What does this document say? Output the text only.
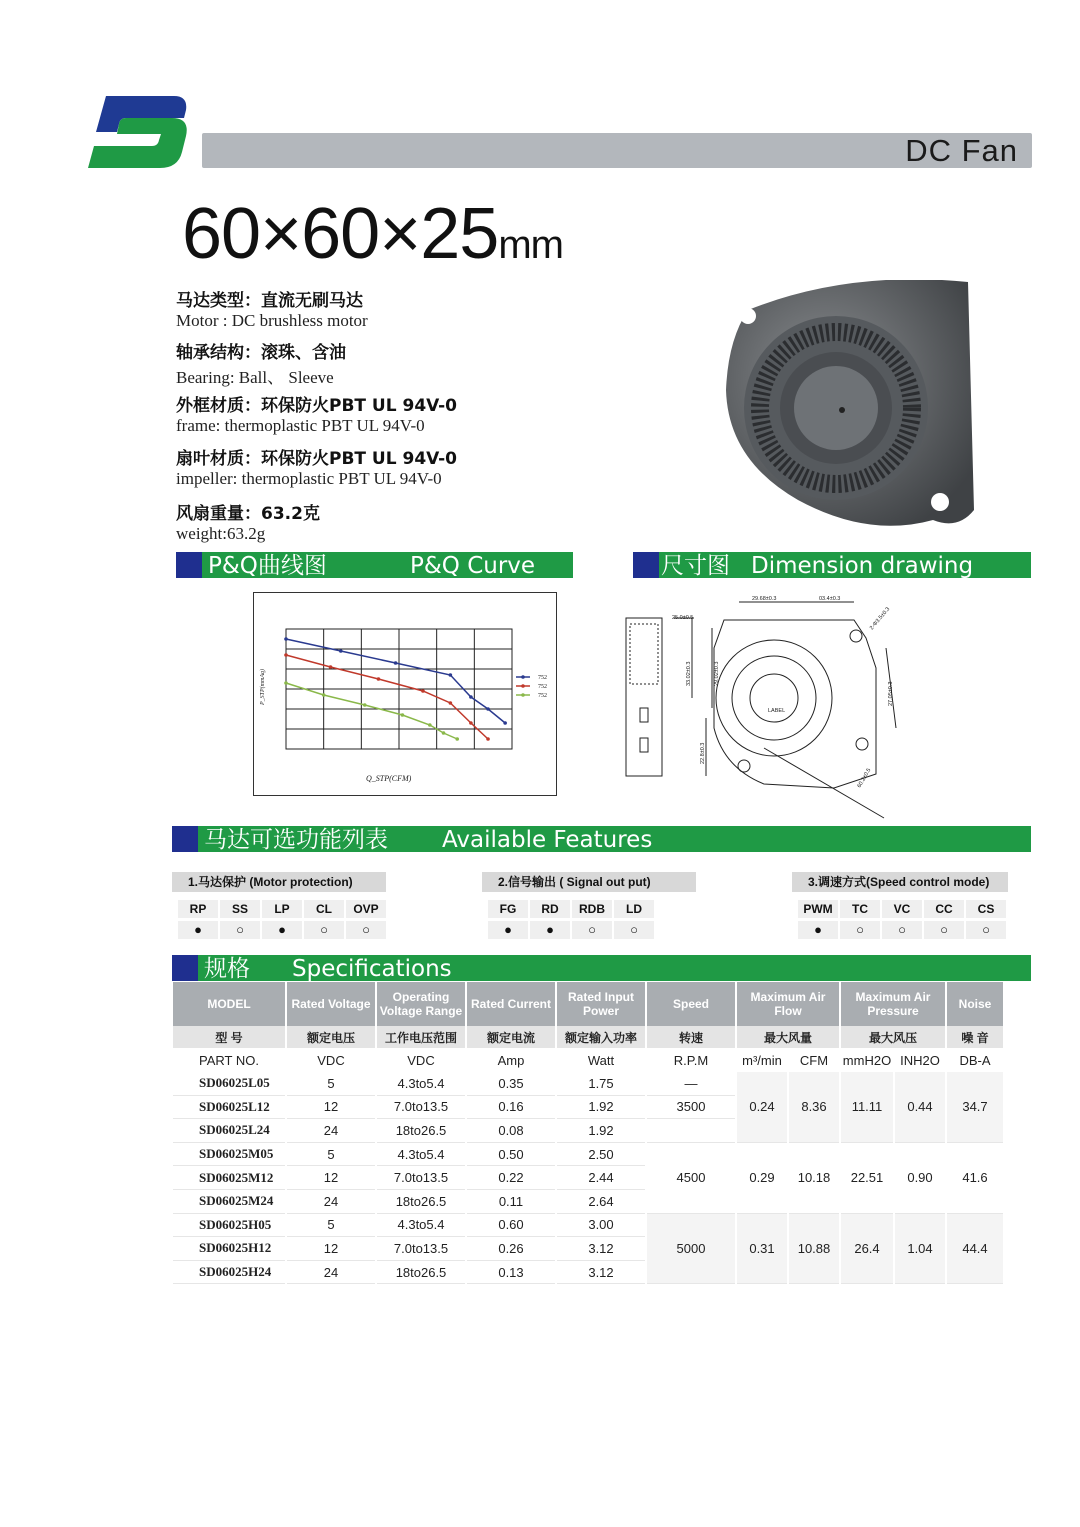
DC Fan
60×60×25mm
马达类型：直流无刷马达
Motor : DC brushless motor
轴承结构：滚珠、含油
Bearing: Ball、 Sleeve
外框材质：环保防火PBT UL 94V-0
frame: thermoplastic PBT UL 94V-0
扇叶材质：环保防火PBT UL 94V-0
impeller: thermoplastic PBT UL 94V-0
风扇重量：63.2克
weight:63.2g
P&Q曲线图	P&Q Curve	尺寸图 Dimension drawing
752
752
752
Q_STP(CFM)
P_STP(mmAq)
29.68±0.3	03.4±0.3
25.0±0.5
33.02±0.3	29.02±0.3
22.8±0.3
27.05±0.3
60.2±0.5
2-Φ3.5±0.3
LABEL
马达可选功能列表 Available Features
1.马达保护 (Motor protection)
RP	SS	LP	CL	OVP
●	○	●	○	○
2.信号输出 ( Signal out put)
FG	RD	RDB	LD
●	●	○	○
3.调速方式(Speed control mode)
PWM	TC	VC	CC	CS
●	○	○	○	○
规格 Specifications
MODEL	Rated Voltage	Operating Voltage Range	Rated Current	Rated Input Power	Speed	Maximum Air Flow		Maximum Air Pressure		Noise
型 号	额定电压	工作电压范围	额定电流	额定输入功率	转速	最大风量		最大风压		噪 音
PART NO.	VDC	VDC	Amp	Watt	R.P.M	m³/min	CFM	mmH2O	INH2O	DB-A
SD06025L05	5	4.3to5.4	0.35	1.75	—	0.24	8.36	11.11	0.44	34.7
SD06025L12	12	7.0to13.5	0.16	1.92	3500					
SD06025L24	24	18to26.5	0.08	1.92						
SD06025M05	5	4.3to5.4	0.50	2.50	4500	0.29	10.18	22.51	0.90	41.6
SD06025M12	12	7.0to13.5	0.22	2.44						
SD06025M24	24	18to26.5	0.11	2.64						
SD06025H05	5	4.3to5.4	0.60	3.00	5000	0.31	10.88	26.4	1.04	44.4
SD06025H12	12	7.0to13.5	0.26	3.12						
SD06025H24	24	18to26.5	0.13	3.12						
